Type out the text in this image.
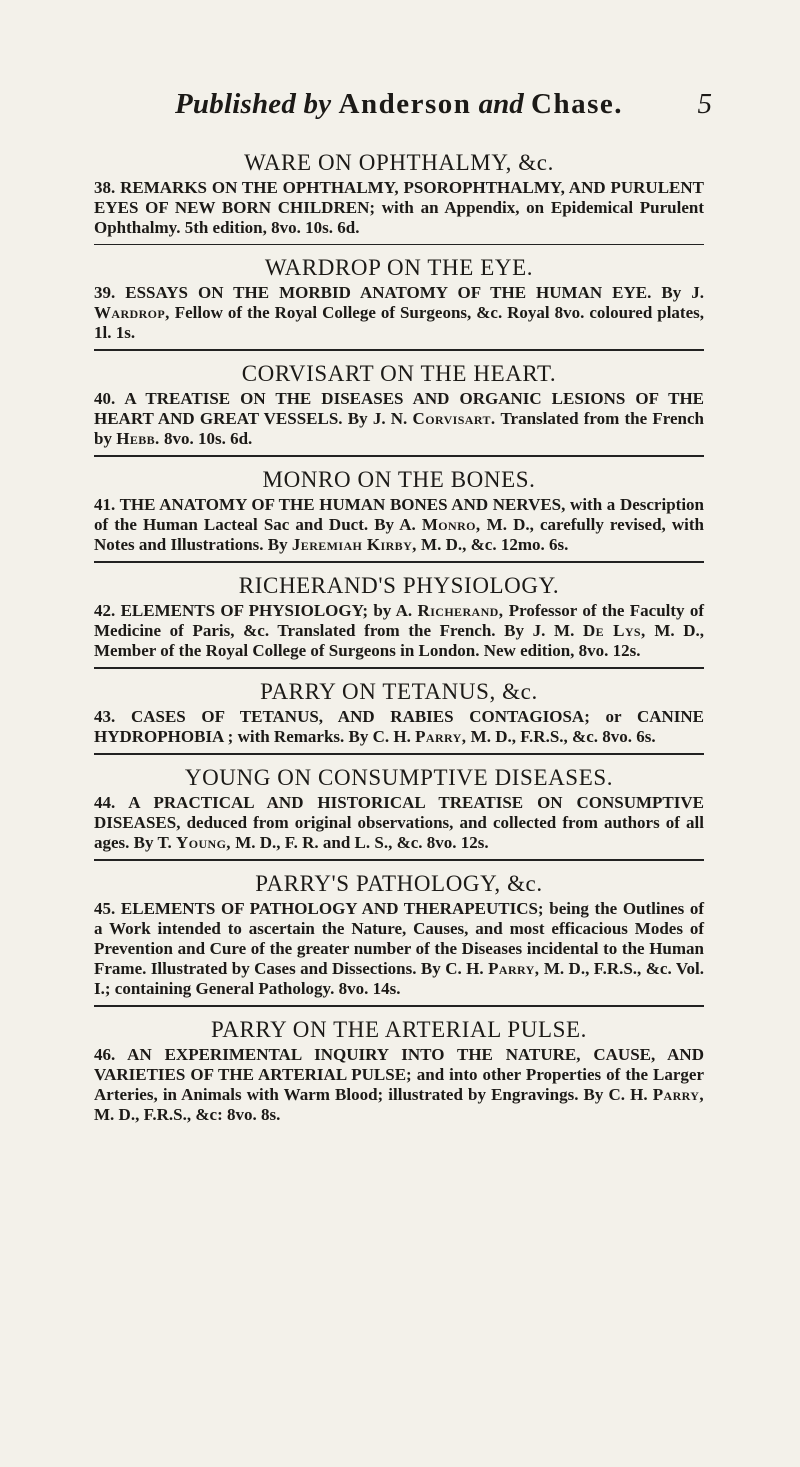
Published by Anderson and Chase.	5
WARE ON OPHTHALMY, &c.

38. REMARKS ON THE OPHTHALMY, PSOROPHTHALMY, AND PURULENT EYES OF NEW BORN CHILDREN; with an Appendix, on Epidemical Purulent Ophthalmy. 5th edition, 8vo. 10s. 6d.

WARDROP ON THE EYE.

39. ESSAYS ON THE MORBID ANATOMY OF THE HUMAN EYE. By J. Wardrop, Fellow of the Royal College of Surgeons, &c. Royal 8vo. coloured plates, 1l. 1s.

CORVISART ON THE HEART.

40. A TREATISE ON THE DISEASES AND ORGANIC LESIONS OF THE HEART AND GREAT VESSELS. By J. N. Corvisart. Translated from the French by Hebb. 8vo. 10s. 6d.

MONRO ON THE BONES.

41. THE ANATOMY OF THE HUMAN BONES AND NERVES, with a Description of the Human Lacteal Sac and Duct. By A. Monro, M. D., carefully revised, with Notes and Illustrations. By Jeremiah Kirby, M. D., &c. 12mo. 6s.

RICHERAND'S PHYSIOLOGY.

42. ELEMENTS OF PHYSIOLOGY; by A. Richerand, Professor of the Faculty of Medicine of Paris, &c. Translated from the French. By J. M. De Lys, M. D., Member of the Royal College of Surgeons in London. New edition, 8vo. 12s.

PARRY ON TETANUS, &c.

43. CASES OF TETANUS, AND RABIES CONTAGIOSA; or CANINE HYDROPHOBIA ; with Remarks. By C. H. Parry, M. D., F.R.S., &c. 8vo. 6s.

YOUNG ON CONSUMPTIVE DISEASES.

44. A PRACTICAL AND HISTORICAL TREATISE ON CONSUMPTIVE DISEASES, deduced from original observations, and collected from authors of all ages. By T. Young, M. D., F. R. and L. S., &c. 8vo. 12s.

PARRY'S PATHOLOGY, &c.

45. ELEMENTS OF PATHOLOGY AND THERAPEUTICS; being the Outlines of a Work intended to ascertain the Nature, Causes, and most efficacious Modes of Prevention and Cure of the greater number of the Diseases incidental to the Human Frame. Illustrated by Cases and Dissections. By C. H. Parry, M. D., F.R.S., &c. Vol. I.; containing General Pathology. 8vo. 14s.

PARRY ON THE ARTERIAL PULSE.

46. AN EXPERIMENTAL INQUIRY INTO THE NATURE, CAUSE, AND VARIETIES OF THE ARTERIAL PULSE; and into other Properties of the Larger Arteries, in Animals with Warm Blood; illustrated by Engravings. By C. H. Parry, M. D., F.R.S., &c: 8vo. 8s.
